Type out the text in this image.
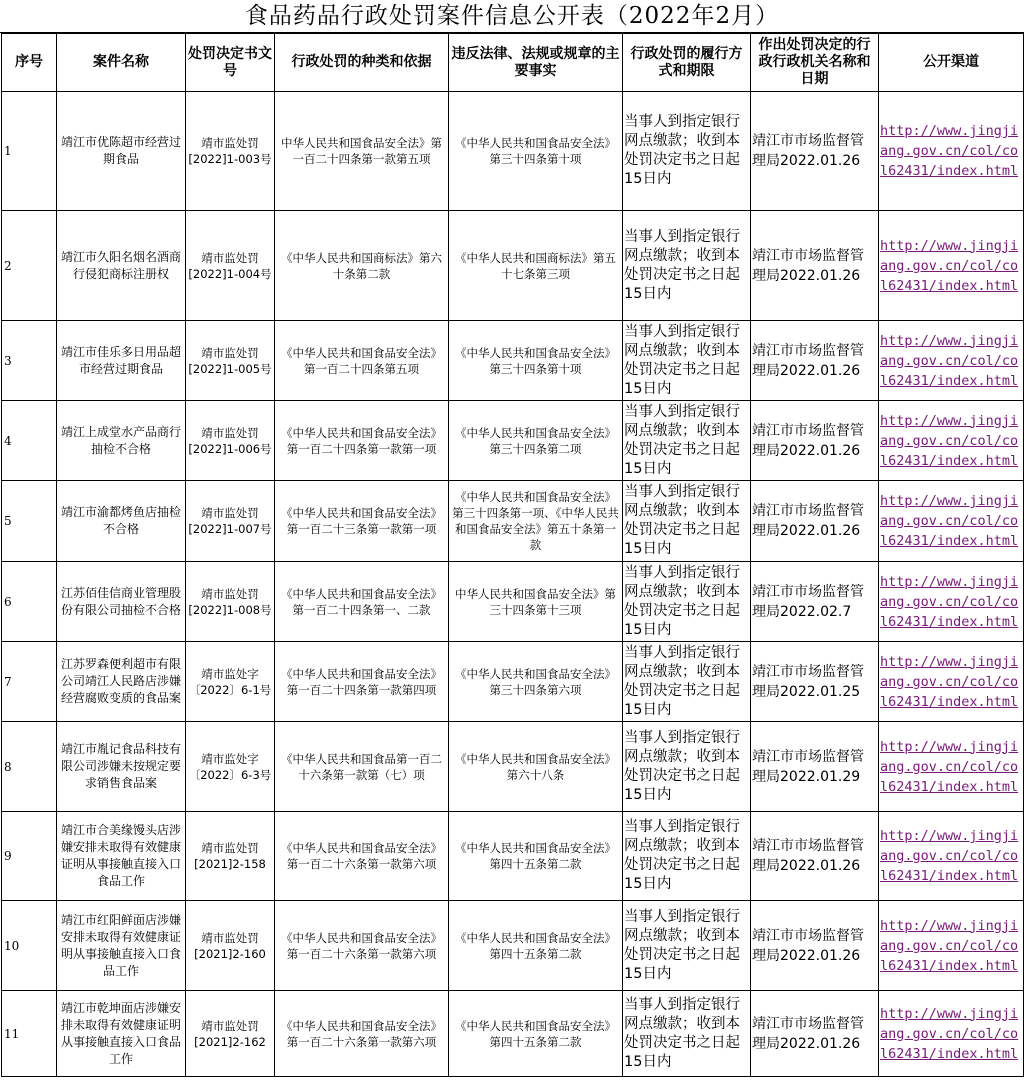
食品药品行政处罚案件信息公开表（2022年2月）
序号	案件名称	处罚决定书文号	行政处罚的种类和依据	违反法律、法规或规章的主要事实	行政处罚的履行方式和期限	作出处罚决定的行政行政机关名称和日期	公开渠道
1	靖江市优陈超市经营过期食品	靖市监处罚[2022]1-003号	中华人民共和国食品安全法》第一百二十四条第一款第五项	《中华人民共和国食品安全法》第三十四条第十项	当事人到指定银行网点缴款；收到本处罚决定书之日起15日内	靖江市市场监督管理局2022.01.26	http://www.jingjiang.gov.cn/col/col62431/index.html
2	靖江市久阳名烟名酒商行侵犯商标注册权	靖市监处罚[2022]1-004号	《中华人民共和国商标法》第六十条第二款	《中华人民共和国商标法》第五十七条第三项	当事人到指定银行网点缴款；收到本处罚决定书之日起15日内	靖江市市场监督管理局2022.01.26	http://www.jingjiang.gov.cn/col/col62431/index.html
3	靖江市佳乐多日用品超市经营过期食品	靖市监处罚[2022]1-005号	《中华人民共和国食品安全法》第一百二十四条第五项	《中华人民共和国食品安全法》第三十四条第十项	当事人到指定银行网点缴款；收到本处罚决定书之日起15日内	靖江市市场监督管理局2022.01.26	http://www.jingjiang.gov.cn/col/col62431/index.html
4	靖江上成堂水产品商行抽检不合格	靖市监处罚[2022]1-006号	《中华人民共和国食品安全法》第一百二十四条第一款第一项	《中华人民共和国食品安全法》第三十四条第二项	当事人到指定银行网点缴款；收到本处罚决定书之日起15日内	靖江市市场监督管理局2022.01.26	http://www.jingjiang.gov.cn/col/col62431/index.html
5	靖江市渝都烤鱼店抽检不合格	靖市监处罚[2022]1-007号	《中华人民共和国食品安全法》第一百二十三条第一款第一项	《中华人民共和国食品安全法》第三十四条第一项、《中华人民共和国食品安全法》第五十条第一款	当事人到指定银行网点缴款；收到本处罚决定书之日起15日内	靖江市市场监督管理局2022.01.26	http://www.jingjiang.gov.cn/col/col62431/index.html
6	江苏佰佳信商业管理股份有限公司抽检不合格	靖市监处罚[2022]1-008号	《中华人民共和国食品安全法》第一百二十四条第一、二款	中华人民共和国食品安全法》第三十四条第十三项	当事人到指定银行网点缴款；收到本处罚决定书之日起15日内	靖江市市场监督管理局2022.02.7	http://www.jingjiang.gov.cn/col/col62431/index.html
7	江苏罗森便利超市有限公司靖江人民路店涉嫌经营腐败变质的食品案	靖市监处字〔2022〕6-1号	《中华人民共和国食品安全法》第一百二十四条第一款第四项	《中华人民共和国食品安全法》第三十四条第六项	当事人到指定银行网点缴款；收到本处罚决定书之日起15日内	靖江市市场监督管理局2022.01.25	http://www.jingjiang.gov.cn/col/col62431/index.html
8	靖江市胤记食品科技有限公司涉嫌未按规定要求销售食品案	靖市监处字〔2022〕6-3号	《中华人民共和国食品第一百二十六条第一款第（七）项	《中华人民共和国食品安全法》第六十八条	当事人到指定银行网点缴款；收到本处罚决定书之日起15日内	靖江市市场监督管理局2022.01.29	http://www.jingjiang.gov.cn/col/col62431/index.html
9	靖江市合美缘馒头店涉嫌安排未取得有效健康证明从事接触直接入口食品工作	靖市监处罚[2021]2-158	《中华人民共和国食品安全法》第一百二十六条第一款第六项	《中华人民共和国食品安全法》第四十五条第二款	当事人到指定银行网点缴款；收到本处罚决定书之日起15日内	靖江市市场监督管理局2022.01.26	http://www.jingjiang.gov.cn/col/col62431/index.html
10	靖江市红阳鲜面店涉嫌安排未取得有效健康证明从事接触直接入口食品工作	靖市监处罚[2021]2-160	《中华人民共和国食品安全法》第一百二十六条第一款第六项	《中华人民共和国食品安全法》第四十五条第二款	当事人到指定银行网点缴款；收到本处罚决定书之日起15日内	靖江市市场监督管理局2022.01.26	http://www.jingjiang.gov.cn/col/col62431/index.html
11	靖江市乾坤面店涉嫌安排未取得有效健康证明从事接触直接入口食品工作	靖市监处罚[2021]2-162	《中华人民共和国食品安全法》第一百二十六条第一款第六项	《中华人民共和国食品安全法》第四十五条第二款	当事人到指定银行网点缴款；收到本处罚决定书之日起15日内	靖江市市场监督管理局2022.01.26	http://www.jingjiang.gov.cn/col/col62431/index.html
